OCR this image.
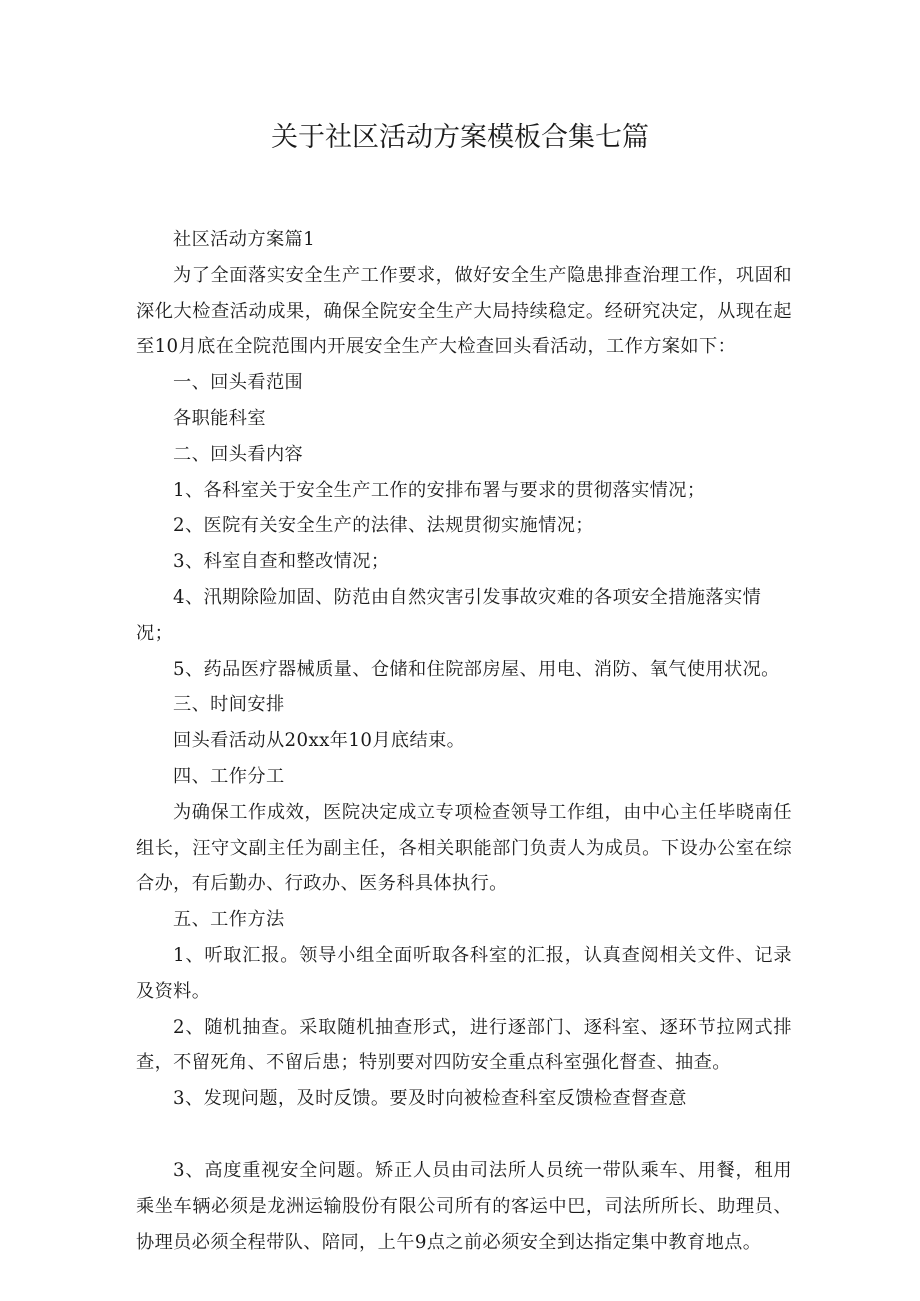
关于社区活动方案模板合集七篇

社区活动方案篇1

为了全面落实安全生产工作要求，做好安全生产隐患排查治理工作，巩固和深化大检查活动成果，确保全院安全生产大局持续稳定。经研究决定，从现在起至10月底在全院范围内开展安全生产大检查回头看活动，工作方案如下：

一、回头看范围

各职能科室

二、回头看内容

1、各科室关于安全生产工作的安排布署与要求的贯彻落实情况；

2、医院有关安全生产的法律、法规贯彻实施情况；

3、科室自查和整改情况；

4、汛期除险加固、防范由自然灾害引发事故灾难的各项安全措施落实情况；

5、药品医疗器械质量、仓储和住院部房屋、用电、消防、氧气使用状况。

三、时间安排

回头看活动从20xx年10月底结束。

四、工作分工

为确保工作成效，医院决定成立专项检查领导工作组，由中心主任毕晓南任组长，汪守文副主任为副主任，各相关职能部门负责人为成员。下设办公室在综合办，有后勤办、行政办、医务科具体执行。

五、工作方法

1、听取汇报。领导小组全面听取各科室的汇报，认真查阅相关文件、记录及资料。

2、随机抽查。采取随机抽查形式，进行逐部门、逐科室、逐环节拉网式排查，不留死角、不留后患；特别要对四防安全重点科室强化督查、抽查。

3、发现问题，及时反馈。要及时向被检查科室反馈检查督查意

3、高度重视安全问题。矫正人员由司法所人员统一带队乘车、用餐，租用乘坐车辆必须是龙洲运输股份有限公司所有的客运中巴，司法所所长、助理员、协理员必须全程带队、陪同，上午9点之前必须安全到达指定集中教育地点。
